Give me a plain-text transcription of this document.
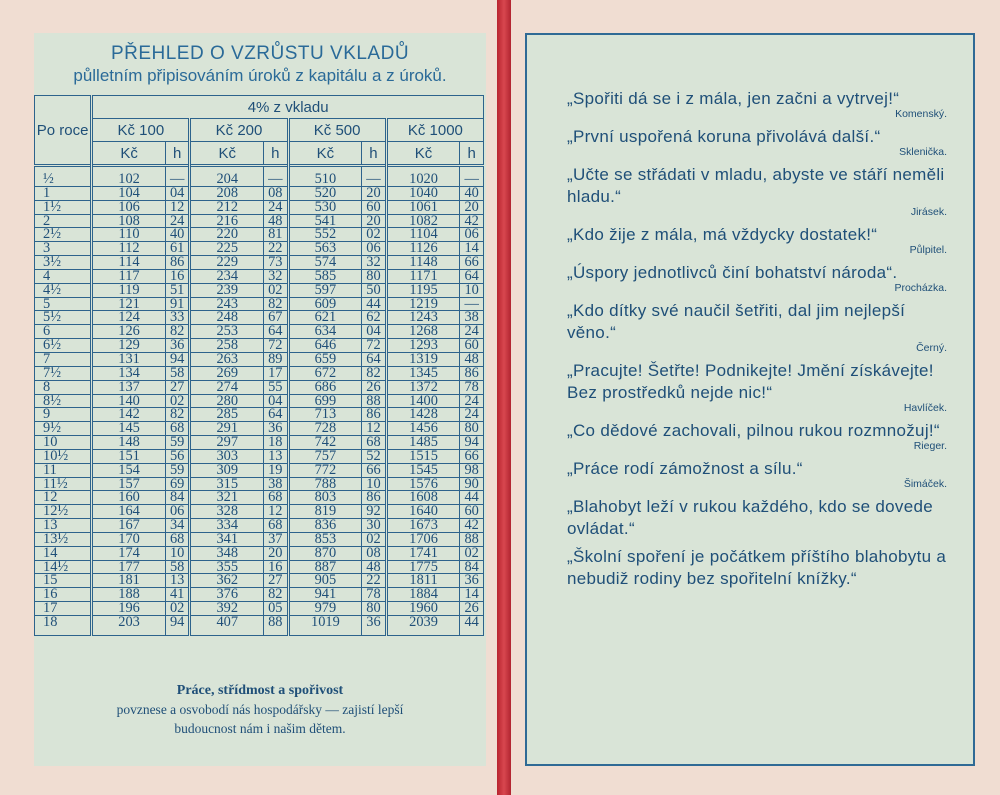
PŘEHLED O VZRŮSTU VKLADŮ
půlletním připisováním úroků z kapitálu a z úroků.
Po roce	4% z vkladu							
	Kč 100		Kč 200		Kč 500		Kč 1000	
	Kč	h	Kč	h	Kč	h	Kč	h
½	102	—	204	—	510	—	1020	—
1	104	04	208	08	520	20	1040	40
1½	106	12	212	24	530	60	1061	20
2	108	24	216	48	541	20	1082	42
2½	110	40	220	81	552	02	1104	06
3	112	61	225	22	563	06	1126	14
3½	114	86	229	73	574	32	1148	66
4	117	16	234	32	585	80	1171	64
4½	119	51	239	02	597	50	1195	10
5	121	91	243	82	609	44	1219	—
5½	124	33	248	67	621	62	1243	38
6	126	82	253	64	634	04	1268	24
6½	129	36	258	72	646	72	1293	60
7	131	94	263	89	659	64	1319	48
7½	134	58	269	17	672	82	1345	86
8	137	27	274	55	686	26	1372	78
8½	140	02	280	04	699	88	1400	24
9	142	82	285	64	713	86	1428	24
9½	145	68	291	36	728	12	1456	80
10	148	59	297	18	742	68	1485	94
10½	151	56	303	13	757	52	1515	66
11	154	59	309	19	772	66	1545	98
11½	157	69	315	38	788	10	1576	90
12	160	84	321	68	803	86	1608	44
12½	164	06	328	12	819	92	1640	60
13	167	34	334	68	836	30	1673	42
13½	170	68	341	37	853	02	1706	88
14	174	10	348	20	870	08	1741	02
14½	177	58	355	16	887	48	1775	84
15	181	13	362	27	905	22	1811	36
16	188	41	376	82	941	78	1884	14
17	196	02	392	05	979	80	1960	26
18	203	94	407	88	1019	36	2039	44
Práce, střídmost a spořivost
povznese a osvobodí nás hospodářsky — zajistí lepší
budoucnost nám i našim dětem.
„Spořiti dá se i z mála, jen začni a vytrvej!“
Komenský.
„První uspořená koruna přivolává další.“
Sklenička.
„Učte se střádati v mladu, abyste ve stáří neměli hladu.“
Jirásek.
„Kdo žije z mála, má vždycky dostatek!“
Půlpitel.
„Úspory jednotlivců činí bohatství národa“.
Procházka.
„Kdo dítky své naučil šetřiti, dal jim nejlepší věno.“
Černý.
„Pracujte! Šetřte! Podnikejte! Jmění získávejte! Bez prostředků nejde nic!“
Havlíček.
„Co dědové zachovali, pilnou rukou rozmnožuj!“
Rieger.
„Práce rodí zámožnost a sílu.“
Šimáček.
„Blahobyt leží v rukou každého, kdo se dovede ovládat.“
„Školní spoření je počátkem příštího blahobytu a nebudiž rodiny bez spořitelní knížky.“
